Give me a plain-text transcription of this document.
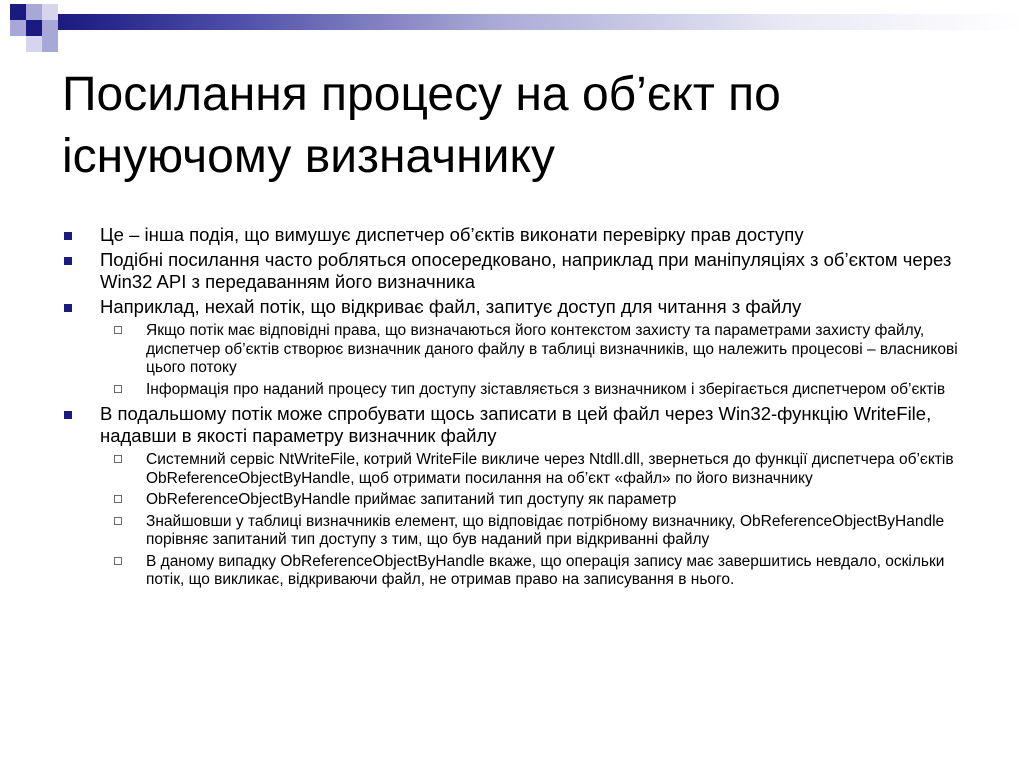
Посилання процесу на об’єкт по
існуючому визначнику
Це – інша подія, що вимушує диспетчер об’єктів виконати перевірку прав доступу
Подібні посилання часто робляться опосередковано, наприклад при маніпуляціях з об’єктом через Win32 API з передаванням його визначника
Наприклад, нехай потік, що відкриває файл, запитує доступ для читання з файлу
Якщо потік має відповідні права, що визначаються його контекстом захисту та параметрами захисту файлу, диспетчер об’єктів створює визначник даного файлу в таблиці визначників, що належить процесові – власникові цього потоку
Інформація про наданий процесу тип доступу зіставляється з визначником і зберігається диспетчером об’єктів
В подальшому потік може спробувати щось записати в цей файл через Win32-функцію WriteFile, надавши в якості параметру визначник файлу
Системний сервіс NtWriteFile, котрий WriteFile викличе через Ntdll.dll, звернеться до функції диспетчера об’єктів ObReferenceObjectByHandle, щоб отримати посилання на об’єкт «файл» по його визначнику
ObReferenceObjectByHandle приймає запитаний тип доступу як параметр
Знайшовши у таблиці визначників елемент, що відповідає потрібному визначнику, ObReferenceObjectByHandle порівняє запитаний тип доступу з тим, що був наданий при відкриванні файлу
В даному випадку ObReferenceObjectByHandle вкаже, що операція запису має завершитись невдало, оскільки потік, що викликає, відкриваючи файл, не отримав право на записування в нього.
